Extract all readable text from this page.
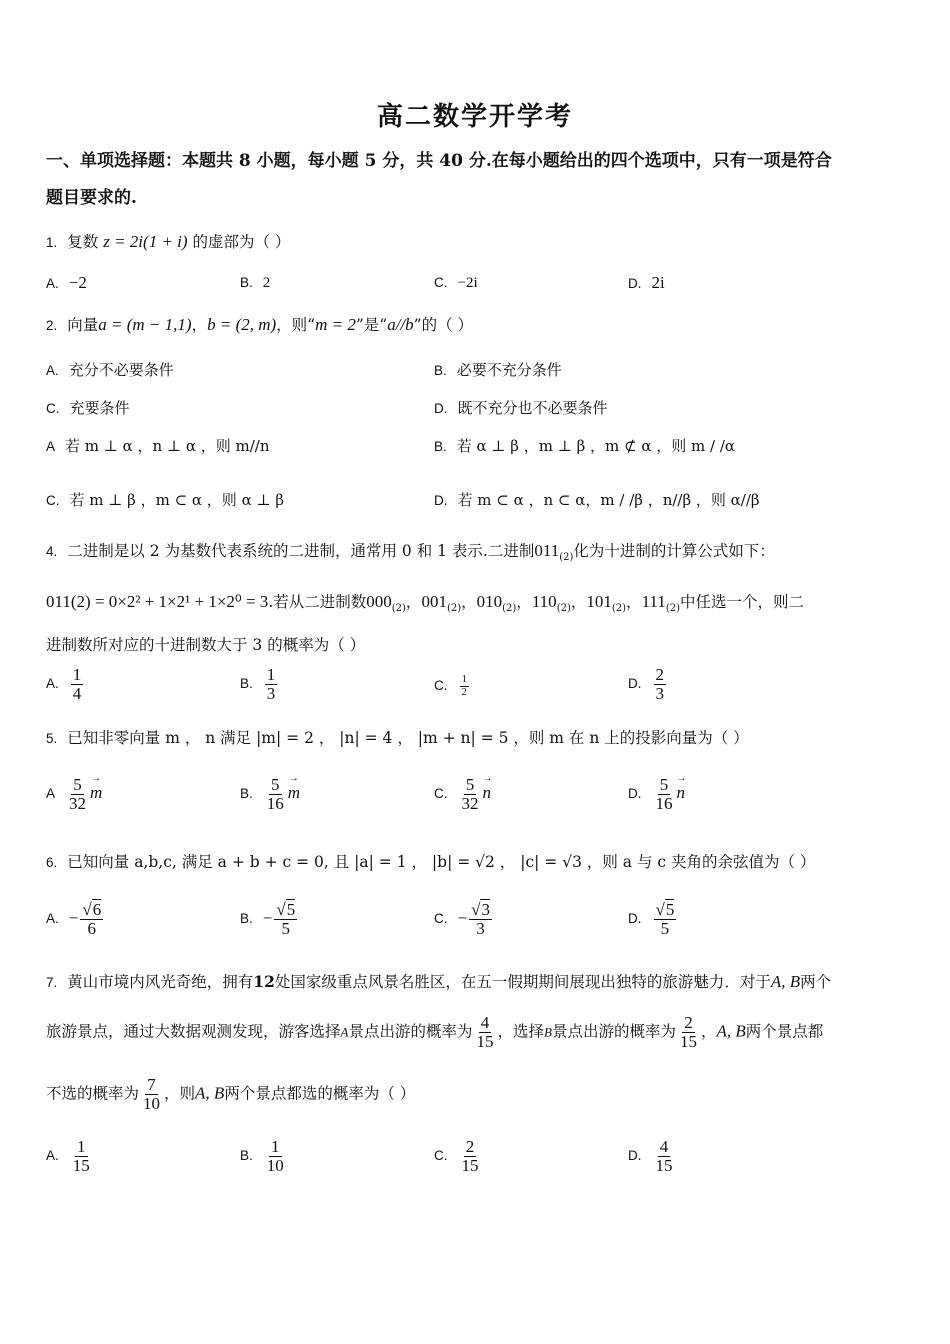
高二数学开学考
一、单项选择题：本题共 8 小题，每小题 5 分，共 40 分.在每小题给出的四个选项中，只有一项是符合
题目要求的.
1. 复数 z = 2i(1 + i) 的虚部为（ ）
A. −2	B. 2	C. −2i	D. 2i
2. 向量a = (m − 1,1)，b = (2, m)，则“m = 2”是“a//b”的（ ）
A. 充分不必要条件	B. 必要不充分条件
C. 充要条件	D. 既不充分也不必要条件
A 若 m ⊥ α ，n ⊥ α ，则 m//n	B. 若 α ⊥ β ，m ⊥ β ，m ⊄ α ，则 m / /α
C. 若 m ⊥ β ，m ⊂ α ，则 α ⊥ β	D. 若 m ⊂ α ，n ⊂ α，m / /β ，n//β ，则 α//β
4. 二进制是以 2 为基数代表系统的二进制，通常用 0 和 1 表示.二进制$011_{(2)}$化为十进制的计算公式如下：
011(2) = 0×2² + 1×2¹ + 1×2⁰ = 3.若从二进制数$000_{(2)}$，$001_{(2)}$，$010_{(2)}$，$110_{(2)}$，$101_{(2)}$，$111_{(2)}$中任选一个，则二
进制数所对应的十进制数大于 3 的概率为（ ）
A. $\frac{1}{4}$	B. $\frac{1}{3}$	C. $\frac{1}{2}$	D. $\frac{2}{3}$
5. 已知非零向量 m ， n 满足 |m| = 2 ， |n| = 4 ， |m + n| = 5 ，则 m 在 n 上的投影向量为（ ）
A $\frac{5}{32}$
→ m	B. $\frac{5}{16}$
→ m	C. $\frac{5}{32}$
→ n	D. $\frac{5}{16}$
→ n
6. 已知向量 a,b,c, 满足 a + b + c = 0, 且 |a| = 1 ， |b| = √2 ， |c| = √3 ，则 a 与 c 夹角的余弦值为（ ）
A. − $\frac{√6}{6}$	B. − $\frac{√5}{5}$	C. − $\frac{√3}{3}$	D. $\frac{√5}{5}$
7. 黄山市境内风光奇绝，拥有12处国家级重点风景名胜区，在五一假期期间展现出独特的旅游魅力．对于A, B两个
旅游景点，通过大数据观测发现，游客选择A景点出游的概率为 $\frac{4}{15}$ ，选择B景点出游的概率为 $\frac{2}{15}$ ，A, B两个景点都
不选的概率为 $\frac{7}{10}$ ，则A, B两个景点都选的概率为（ ）
A. $\frac{1}{15}$	B. $\frac{1}{10}$	C. $\frac{2}{15}$	D. $\frac{4}{15}$
